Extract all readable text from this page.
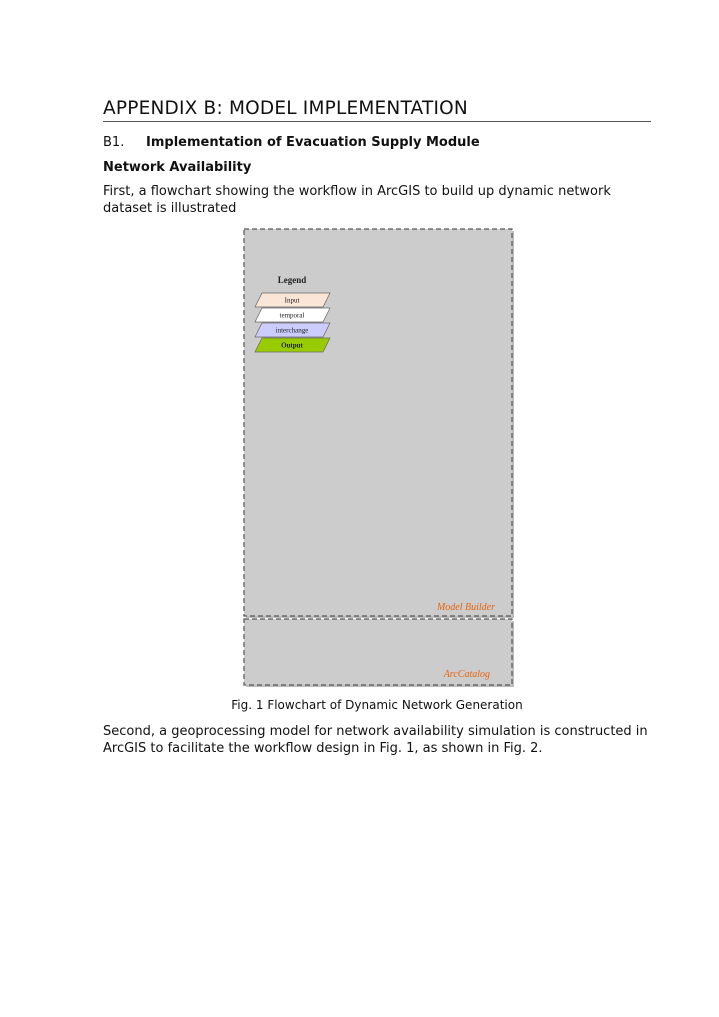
APPENDIX B: MODEL IMPLEMENTATION
B1. Implementation of Evacuation Supply Module
Network Availability
First, a flowchart showing the workflow in ArcGIS to build up dynamic network dataset is illustrated
Legend
Input
temporal
interchange
Output
Model Builder
ArcCatalog
Fig. 1 Flowchart of Dynamic Network Generation
Second, a geoprocessing model for network availability simulation is constructed in ArcGIS to facilitate the workflow design in Fig. 1, as shown in Fig. 2.
